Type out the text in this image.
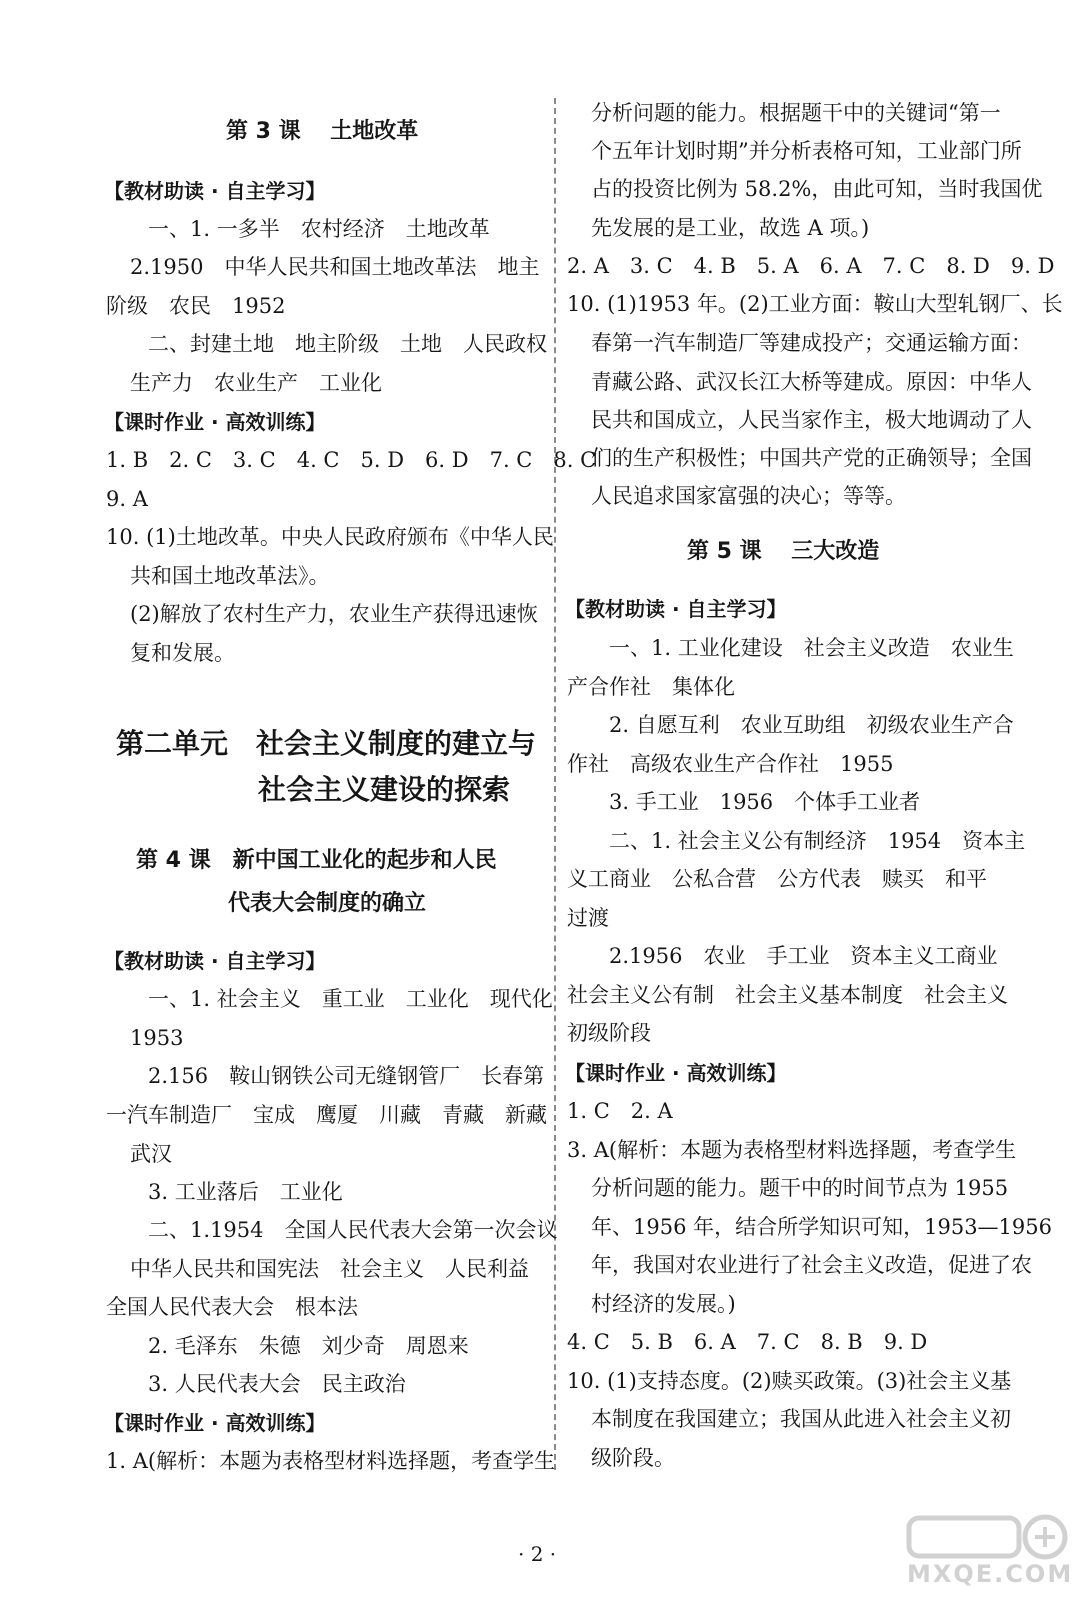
第 3 课　 土地改革
【教材助读 · 自主学习】
一、1. 一多半　农村经济　土地改革
2.1950　中华人民共和国土地改革法　地主
阶级　农民　1952
二、封建土地　地主阶级　土地　人民政权
生产力　农业生产　工业化
【课时作业 · 高效训练】
1. B　2. C　3. C　4. C　5. D　6. D　7. C　8. C
9. A
10. (1)土地改革。中央人民政府颁布《中华人民
共和国土地改革法》。
(2)解放了农村生产力，农业生产获得迅速恢
复和发展。
第二单元　社会主义制度的建立与
社会主义建设的探索
第 4 课　新中国工业化的起步和人民
代表大会制度的确立
【教材助读 · 自主学习】
一、1. 社会主义　重工业　工业化　现代化
1953
2.156　鞍山钢铁公司无缝钢管厂　长春第
一汽车制造厂　宝成　鹰厦　川藏　青藏　新藏
武汉
3. 工业落后　工业化
二、1.1954　全国人民代表大会第一次会议
中华人民共和国宪法　社会主义　人民利益
全国人民代表大会　根本法
2. 毛泽东　朱德　刘少奇　周恩来
3. 人民代表大会　民主政治
【课时作业 · 高效训练】
1. A(解析：本题为表格型材料选择题，考查学生
分析问题的能力。根据题干中的关键词“第一
个五年计划时期”并分析表格可知，工业部门所
占的投资比例为 58.2%，由此可知，当时我国优
先发展的是工业，故选 A 项。)
2. A　3. C　4. B　5. A　6. A　7. C　8. D　9. D
10. (1)1953 年。(2)工业方面：鞍山大型轧钢厂、长
春第一汽车制造厂等建成投产；交通运输方面：
青藏公路、武汉长江大桥等建成。原因：中华人
民共和国成立，人民当家作主，极大地调动了人
们的生产积极性；中国共产党的正确领导；全国
人民追求国家富强的决心；等等。
第 5 课　 三大改造
【教材助读 · 自主学习】
一、1. 工业化建设　社会主义改造　农业生
产合作社　集体化
2. 自愿互利　农业互助组　初级农业生产合
作社　高级农业生产合作社　1955
3. 手工业　1956　个体手工业者
二、1. 社会主义公有制经济　1954　资本主
义工商业　公私合营　公方代表　赎买　和平
过渡
2.1956　农业　手工业　资本主义工商业
社会主义公有制　社会主义基本制度　社会主义
初级阶段
【课时作业 · 高效训练】
1. C　2. A
3. A(解析：本题为表格型材料选择题，考查学生
分析问题的能力。题干中的时间节点为 1955
年、1956 年，结合所学知识可知，1953—1956
年，我国对农业进行了社会主义改造，促进了农
村经济的发展。)
4. C　5. B　6. A　7. C　8. B　9. D
10. (1)支持态度。(2)赎买政策。(3)社会主义基
本制度在我国建立；我国从此进入社会主义初
级阶段。
· 2 ·
MXQE.COM
